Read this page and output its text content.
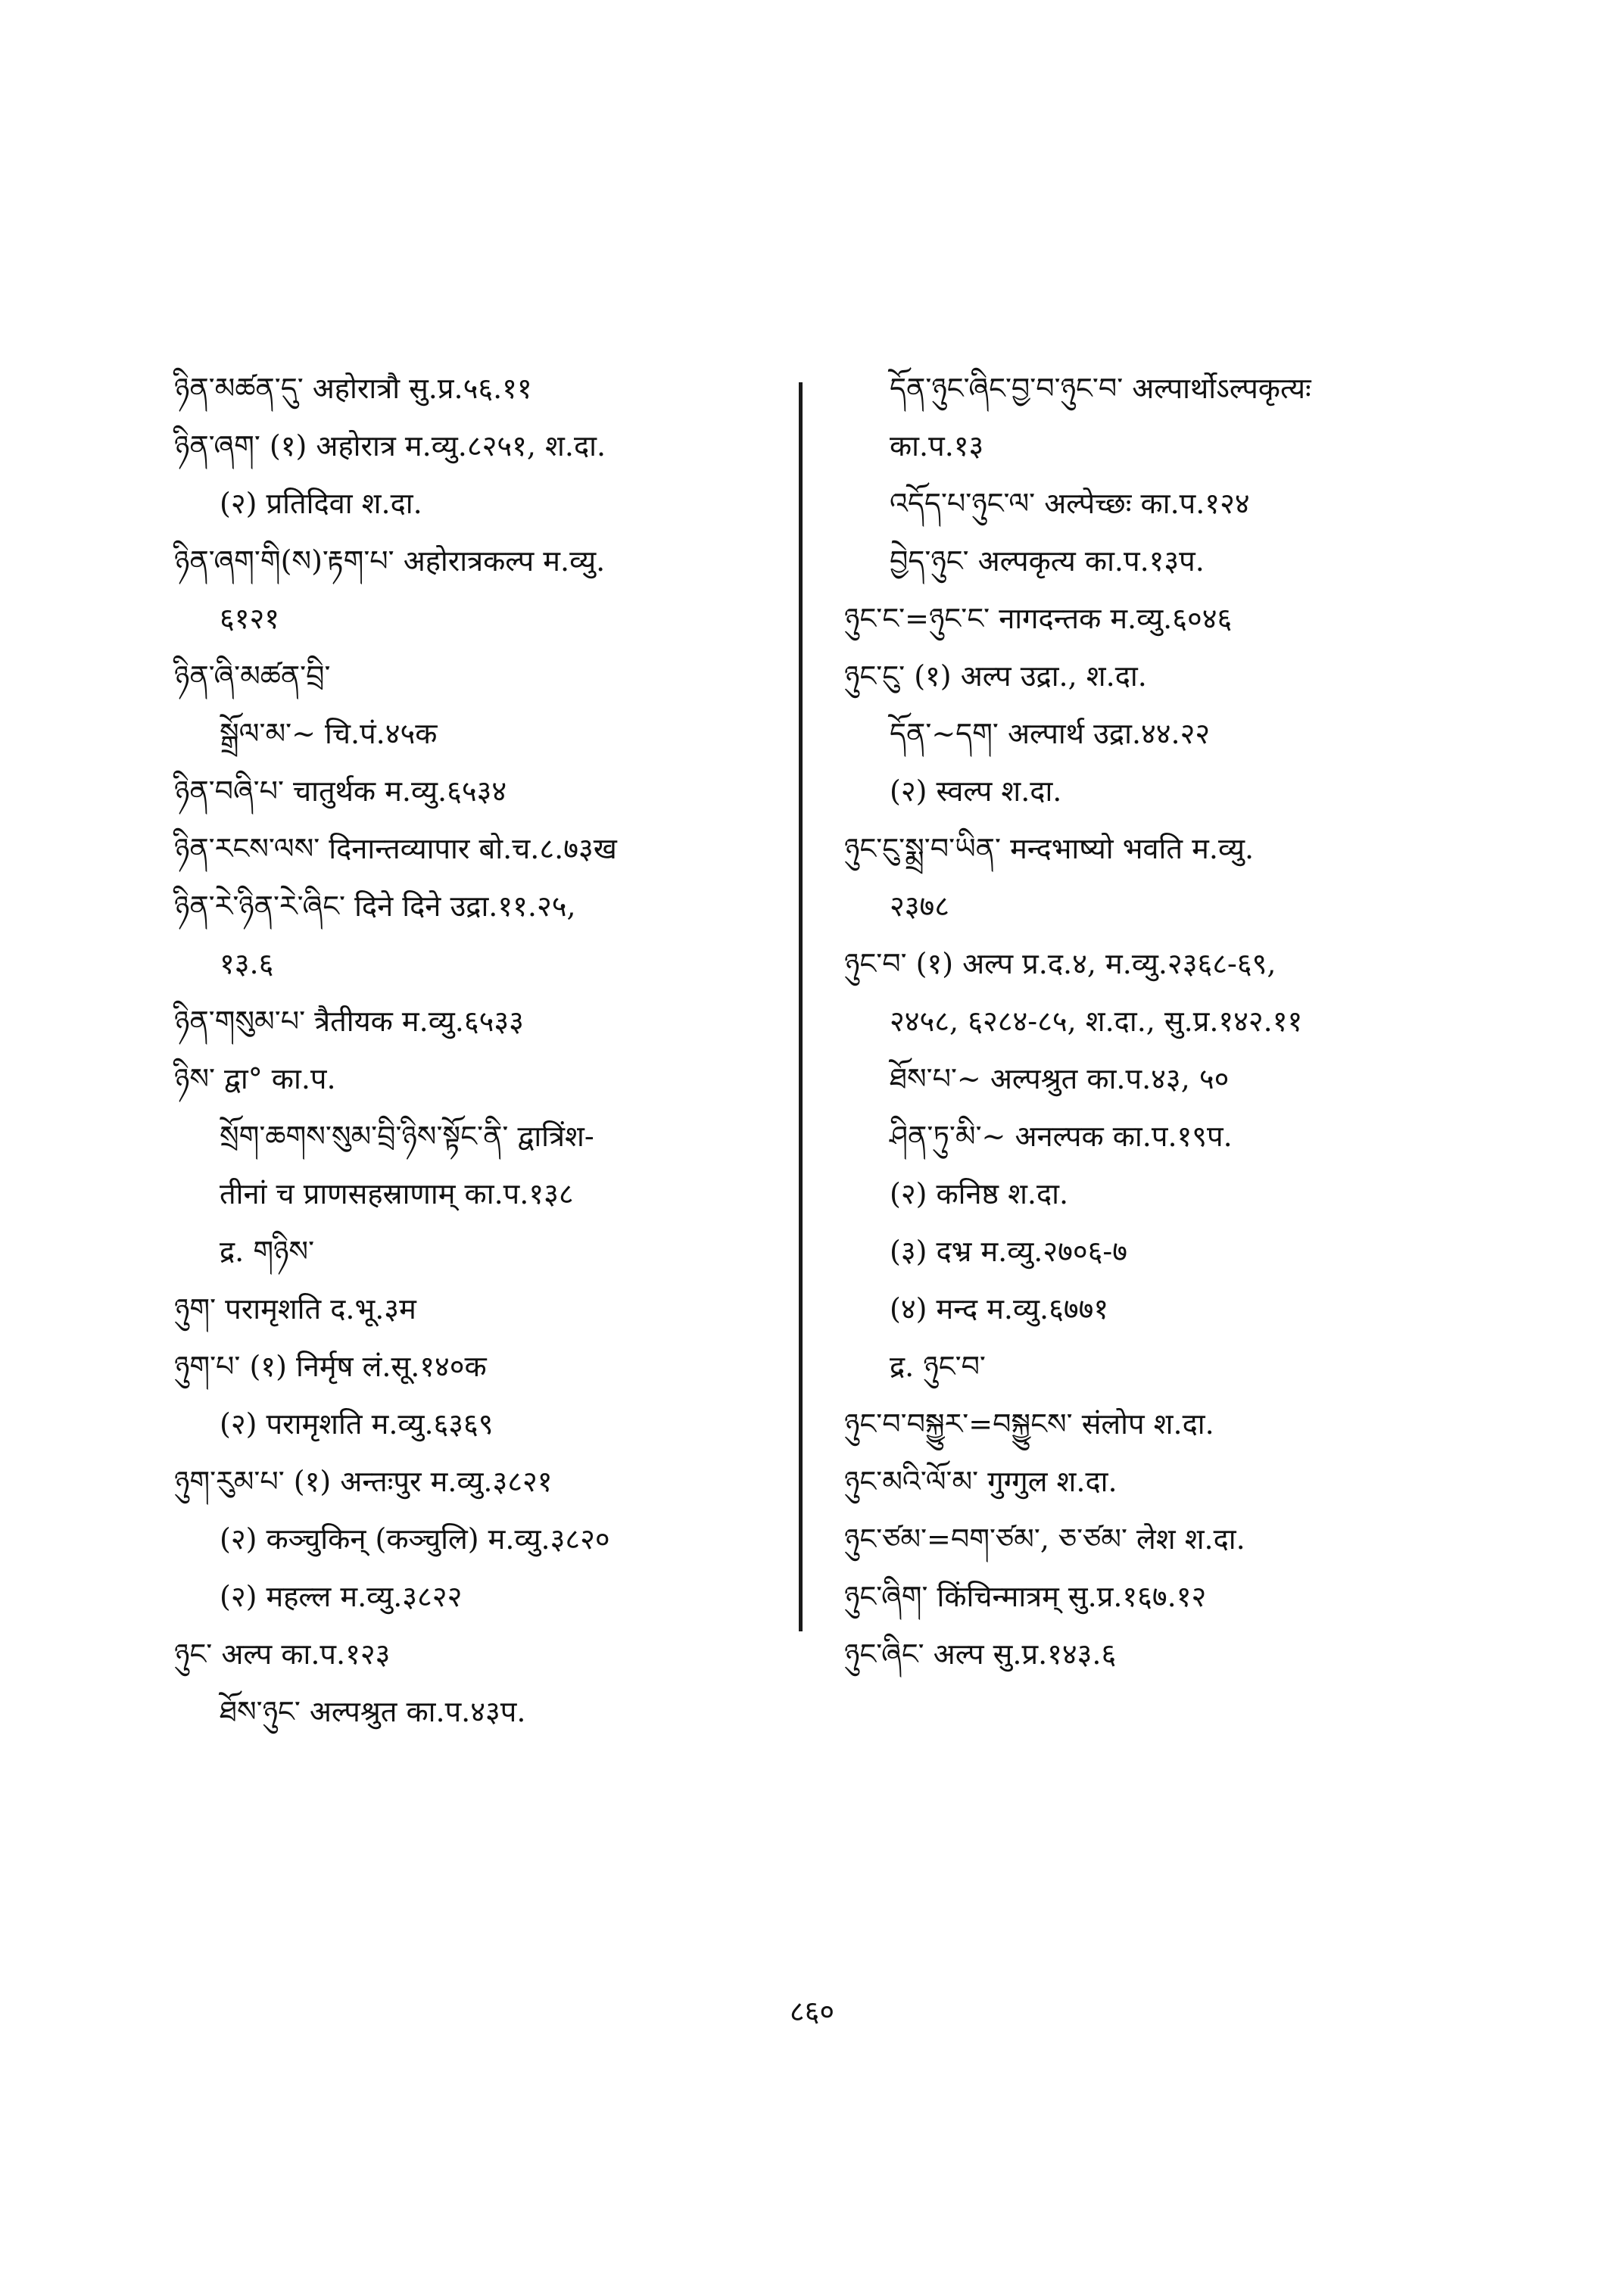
ཉིན་མཚན་དུ་ अहोरात्रौ सु.प्र.५६.११
ཉིན་ཞག་ (१) अहोरात्र म.व्यु.८२५१, श.दा.
(२) प्रतिदिवा श.दा.
ཉིན་ཞག་གི(ས)་རྟག་པ་ अहोरात्रकल्प म.व्यु.
६१२१
ཉིན་ཞི་མཚན་བྲི་
སྒྲོལ་མ་~ चि.पं.४५क
ཉིན་བཞི་པ་ चातुर्थक म.व्यु.६५३४
ཉིན་རངས་ལས་ दिनान्तव्यापार बो.च.८.७३ख
ཉིན་རེ་ཉིན་རེ་ཞིང་ दिने दिने उद्रा.११.२५,
१३.६
ཉིན་གསུམ་པ་ त्रैतीयक म.व्यु.६५३३
ཉིས་ द्वा° का.प.
སྲོག་ཆགས་སུམ་བྲི་ཉིས་སྟོང་ནི་ द्वात्रिंश-
तीनां च प्राणसहस्राणाम् का.प.१३८
द्र. གཉིས་
ཉུག་ परामृशति द.भू.३म
ཉུག་པ་ (१) निर्मृष लं.सू.१४०क
(२) परामृशति म.व्यु.६३६९
ཉུག་རུམ་པ་ (१) अन्तःपुर म.व्यु.३८२१
(२) कञ्चुकिन् (कञ्चुलि) म.व्यु.३८२०
(२) महल्ल म.व्यु.३८२२
ཉུང་ अल्प का.प.१२३
ཐོས་ཉུང་ अल्पश्रुत का.प.४३प.
དོན་ཉུང་ཞིང་བྱ་བ་ཉུང་བ་ अल्पार्थोऽल्पकृत्यः
का.प.१३
འདོད་པ་ཉུང་ལ་ अल्पेच्छः का.प.१२४
བྱེད་ཉུང་ अल्पकृत्य का.प.१३प.
ཉུང་ང་=ཉུང་ང་ नागदन्तक म.व्यु.६०४६
ཉུང་ངུ་ (१) अल्प उद्रा., श.दा.
དོན་~དག་ अल्पार्थ उद्रा.४४.२२
(२) स्वल्प श.दा.
ཉུང་ངུ་སྨྲ་བ་ཡིན་ मन्दभाष्यो भवति म.व्यु.
२३७८
ཉུང་བ་ (१) अल्प प्र.द.४, म.व्यु.२३६८-६९,
२४५८, ६२८४-८५, श.दा., सु.प्र.१४२.११
ཐོས་པ་~ अल्पश्रुत का.प.४३, ५०
ཤིན་ཏུ་མི་~ अनल्पक का.प.१९प.
(२) कनिष्ठ श.दा.
(३) दभ्र म.व्यु.२७०६-७
(४) मन्द म.व्यु.६७७१
द्र. ཉུང་བ་
ཉུང་བ་བསྐྱུར་=བསྐྱུངས་ संलोप श.दा.
ཉུང་མའི་ལོ་མ་ गुग्गुल श.दा.
ཉུང་ཙམ་=བག་ཙམ་, ཅ་ཙམ་ लेश श.दा.
ཉུང་ཞིག་ किंचिन्मात्रम् सु.प्र.१६७.१२
ཉུང་ཞིང་ अल्प सु.प्र.१४३.६
८६०
